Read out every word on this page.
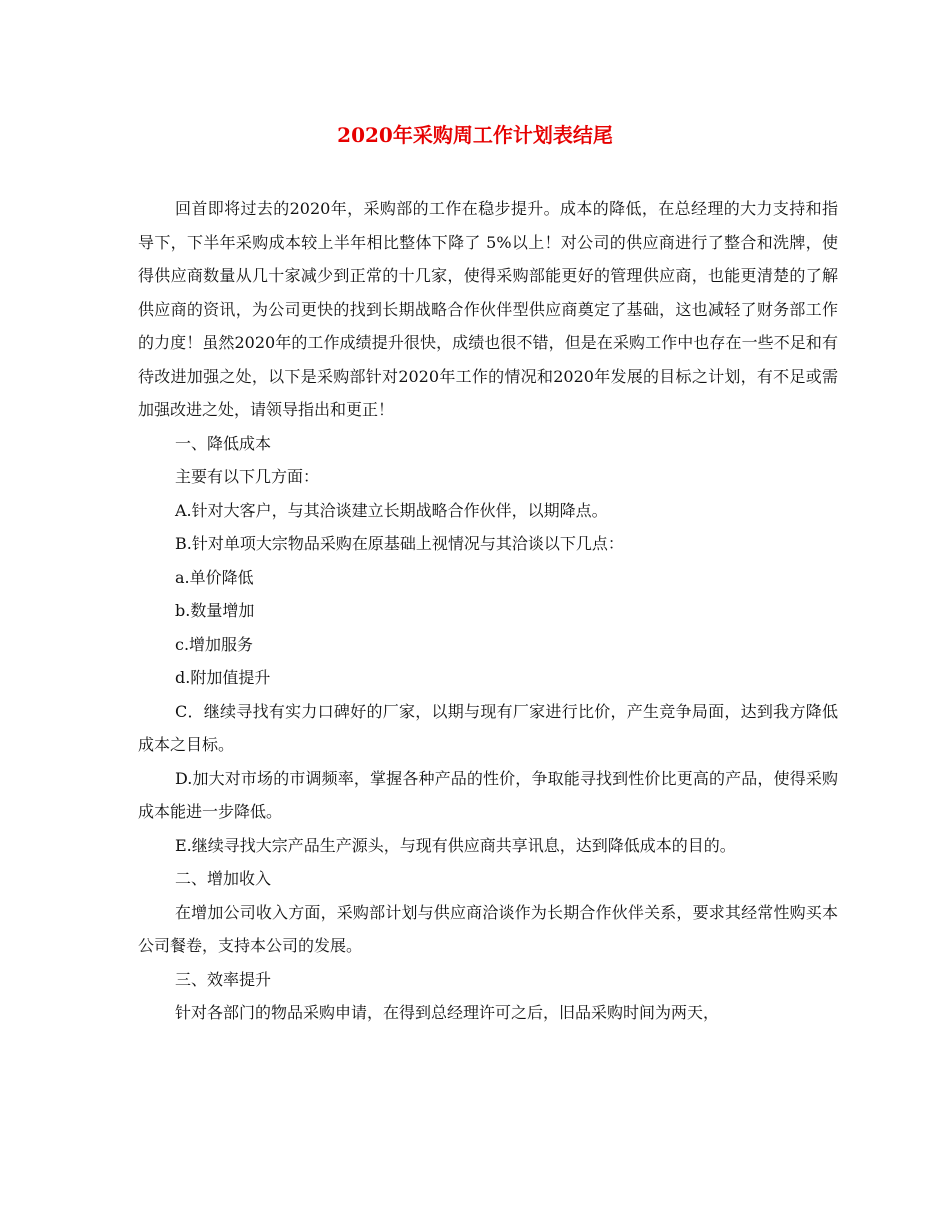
2020年采购周工作计划表结尾

回首即将过去的2020年，采购部的工作在稳步提升。成本的降低，在总经理的大力支持和指导下，下半年采购成本较上半年相比整体下降了 5%以上！对公司的供应商进行了整合和洗牌，使得供应商数量从几十家减少到正常的十几家，使得采购部能更好的管理供应商，也能更清楚的了解供应商的资讯，为公司更快的找到长期战略合作伙伴型供应商奠定了基础，这也减轻了财务部工作的力度！虽然2020年的工作成绩提升很快，成绩也很不错，但是在采购工作中也存在一些不足和有待改进加强之处，以下是采购部针对2020年工作的情况和2020年发展的目标之计划，有不足或需加强改进之处，请领导指出和更正！

一、降低成本

主要有以下几方面：

A.针对大客户，与其洽谈建立长期战略合作伙伴，以期降点。

B.针对单项大宗物品采购在原基础上视情况与其洽谈以下几点：

a.单价降低

b.数量增加

c.增加服务

d.附加值提升

C．继续寻找有实力口碑好的厂家，以期与现有厂家进行比价，产生竞争局面，达到我方降低成本之目标。

D.加大对市场的市调频率，掌握各种产品的性价，争取能寻找到性价比更高的产品，使得采购成本能进一步降低。

E.继续寻找大宗产品生产源头，与现有供应商共享讯息，达到降低成本的目的。

二、增加收入

在增加公司收入方面，采购部计划与供应商洽谈作为长期合作伙伴关系，要求其经常性购买本公司餐卷，支持本公司的发展。

三、效率提升

针对各部门的物品采购申请，在得到总经理许可之后，旧品采购时间为两天，
